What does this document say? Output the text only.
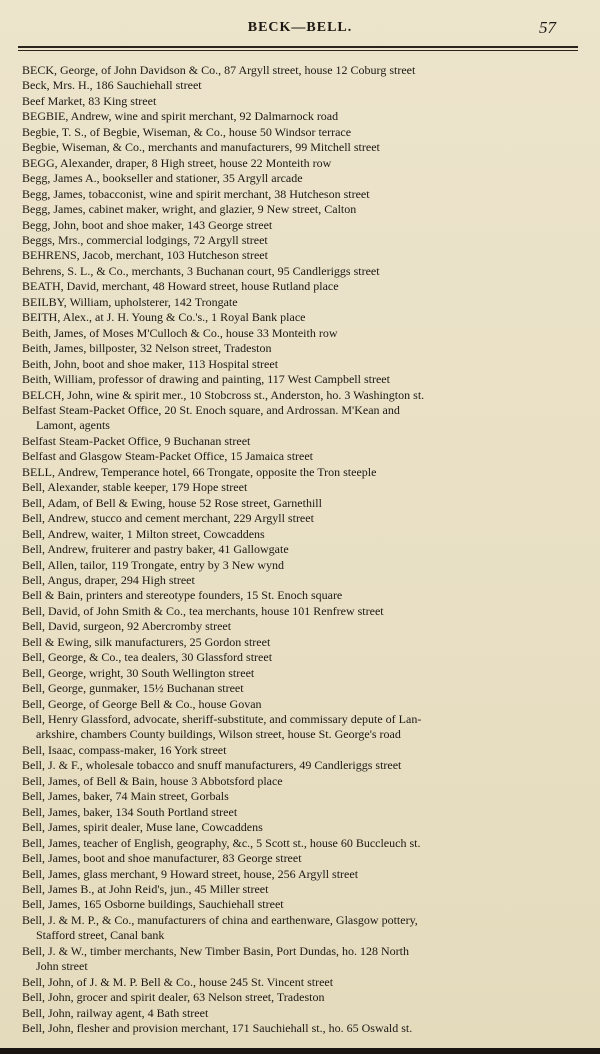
BECK—BELL.	57
BECK, George, of John Davidson & Co., 87 Argyll street, house 12 Coburg street
Beck, Mrs. H., 186 Sauchiehall street
Beef Market, 83 King street
BEGBIE, Andrew, wine and spirit merchant, 92 Dalmarnock road
Begbie, T. S., of Begbie, Wiseman, & Co., house 50 Windsor terrace
Begbie, Wiseman, & Co., merchants and manufacturers, 99 Mitchell street
BEGG, Alexander, draper, 8 High street, house 22 Monteith row
Begg, James A., bookseller and stationer, 35 Argyll arcade
Begg, James, tobacconist, wine and spirit merchant, 38 Hutcheson street
Begg, James, cabinet maker, wright, and glazier, 9 New street, Calton
Begg, John, boot and shoe maker, 143 George street
Beggs, Mrs., commercial lodgings, 72 Argyll street
BEHRENS, Jacob, merchant, 103 Hutcheson street
Behrens, S. L., & Co., merchants, 3 Buchanan court, 95 Candleriggs street
BEATH, David, merchant, 48 Howard street, house Rutland place
BEILBY, William, upholsterer, 142 Trongate
BEITH, Alex., at J. H. Young & Co.'s., 1 Royal Bank place
Beith, James, of Moses M'Culloch & Co., house 33 Monteith row
Beith, James, billposter, 32 Nelson street, Tradeston
Beith, John, boot and shoe maker, 113 Hospital street
Beith, William, professor of drawing and painting, 117 West Campbell street
BELCH, John, wine & spirit mer., 10 Stobcross st., Anderston, ho. 3 Washington st.
Belfast Steam-Packet Office, 20 St. Enoch square, and Ardrossan. M'Kean and
Lamont, agents
Belfast Steam-Packet Office, 9 Buchanan street
Belfast and Glasgow Steam-Packet Office, 15 Jamaica street
BELL, Andrew, Temperance hotel, 66 Trongate, opposite the Tron steeple
Bell, Alexander, stable keeper, 179 Hope street
Bell, Adam, of Bell & Ewing, house 52 Rose street, Garnethill
Bell, Andrew, stucco and cement merchant, 229 Argyll street
Bell, Andrew, waiter, 1 Milton street, Cowcaddens
Bell, Andrew, fruiterer and pastry baker, 41 Gallowgate
Bell, Allen, tailor, 119 Trongate, entry by 3 New wynd
Bell, Angus, draper, 294 High street
Bell & Bain, printers and stereotype founders, 15 St. Enoch square
Bell, David, of John Smith & Co., tea merchants, house 101 Renfrew street
Bell, David, surgeon, 92 Abercromby street
Bell & Ewing, silk manufacturers, 25 Gordon street
Bell, George, & Co., tea dealers, 30 Glassford street
Bell, George, wright, 30 South Wellington street
Bell, George, gunmaker, 15½ Buchanan street
Bell, George, of George Bell & Co., house Govan
Bell, Henry Glassford, advocate, sheriff-substitute, and commissary depute of Lan-
arkshire, chambers County buildings, Wilson street, house St. George's road
Bell, Isaac, compass-maker, 16 York street
Bell, J. & F., wholesale tobacco and snuff manufacturers, 49 Candleriggs street
Bell, James, of Bell & Bain, house 3 Abbotsford place
Bell, James, baker, 74 Main street, Gorbals
Bell, James, baker, 134 South Portland street
Bell, James, spirit dealer, Muse lane, Cowcaddens
Bell, James, teacher of English, geography, &c., 5 Scott st., house 60 Buccleuch st.
Bell, James, boot and shoe manufacturer, 83 George street
Bell, James, glass merchant, 9 Howard street, house, 256 Argyll street
Bell, James B., at John Reid's, jun., 45 Miller street
Bell, James, 165 Osborne buildings, Sauchiehall street
Bell, J. & M. P., & Co., manufacturers of china and earthenware, Glasgow pottery,
Stafford street, Canal bank
Bell, J. & W., timber merchants, New Timber Basin, Port Dundas, ho. 128 North
John street
Bell, John, of J. & M. P. Bell & Co., house 245 St. Vincent street
Bell, John, grocer and spirit dealer, 63 Nelson street, Tradeston
Bell, John, railway agent, 4 Bath street
Bell, John, flesher and provision merchant, 171 Sauchiehall st., ho. 65 Oswald st.
